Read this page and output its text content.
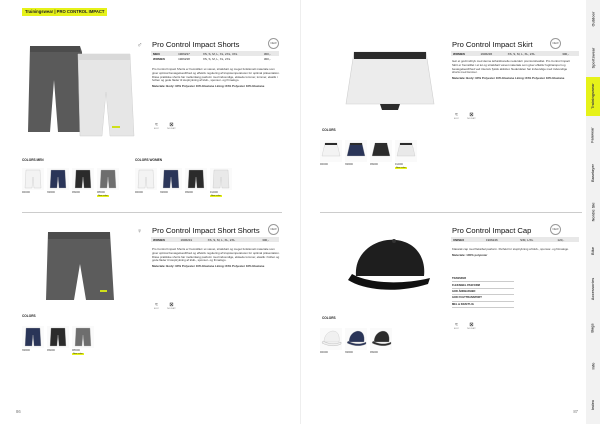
Trainingswear | PRO CONTROL IMPACT
♂ Pro Control Impact Shorts	NEW
MEN	1906237	XS, S, M, L, XL, 2XL, 3XL	300,-
WOMEN	1906238	XS, S, M, L, XL, 2XL	300,-
Pro Control Impact Shorts er fremstillet i et vævet, strækbart og meget funktionelt materiale som giver optimal bevægelsesfrihed og effektiv regulering af kropstemperaturen for optimal präsentation. Disse praktiske shorts har mellemlang pasform med indvendige, elskede lommer, lommer, elastik i hoften og gode flader til stoptrykning af klub-, sponsor- og firmalogo.
Materiale: Body: 90% Polyester 10% Elastane Lining: 84% Polyester 16% Elastane
≈
40°C
⊠
NO DRY
COLORS MEN	COLORS WOMEN
900000	396900	999000	985000
New color
900000	396900	999000	914000
New color
♀ Pro Control Impact Short Shorts	NEW
WOMEN	1906231	XS, S, M, L, XL, 2XL	300,-
Pro Control Impact Shorts er fremstillet i et vævet, strækbart og meget funktionelt materiale som giver optimal bevægelsesfrihed og effektiv regulering af kropstemperaturen for optimal präsentation. Disse praktiske shorts har mellemlang pasform med indvendige, elskede lommer, elastik i hoften og gode flader til stoptrykning af klub-, sponsor- og firmalogo.
Materiale: Body: 90% Polyester 10% Elastane Lining: 84% Polyester 16% Elastane
≈
40°C
⊠
NO DRY
COLORS
396900	999000	985000
New color
86
Pro Control Impact Skirt	NEW
WOMEN	1906236	XS, S, M, L, XL, 2XL	300,-
Gør et godt indtryk med denne letfunktionelle nederdel i premiumkvalitet. Pro Control Impact Skirt er fremstillet i et let og strækbart vævet materiale som giver effektiv fugttransport og bevægelsesfrihed ved intensiv fysisk aktivitet. Nederdelen har indvendige med indvendige shorts med lommer.
Materiale: Body: 90% Polyester 10% Elastane Lining: 84% Polyester 16% Elastane
≈
40°C
⊠
NO DRY
COLORS
900000	396900	999000	914000
New color
Pro Control Impact Cap	NEW
UNISEX	1906246	S/M, L/XL	120,-
Klassisk cap med fleksibel pasform. Perfekt for stoptrykning af klub-, sponsor- og firmalogo.
Materiale: 100% polyester
TRANSFER
FLEKSIBEL PASFORM
GOD ÅNDBARHED
GOD FUGTTRANSPORT
MEL & KRAFTLIG
≈
40°C
⊠
NO DRY
COLORS
900000	396900	999000
87
Outdoor
Sportswear
Trainingswear
Fanwear
Baselayer
Nordic Ski
Bike
Accessories
Bags
Info
Index
